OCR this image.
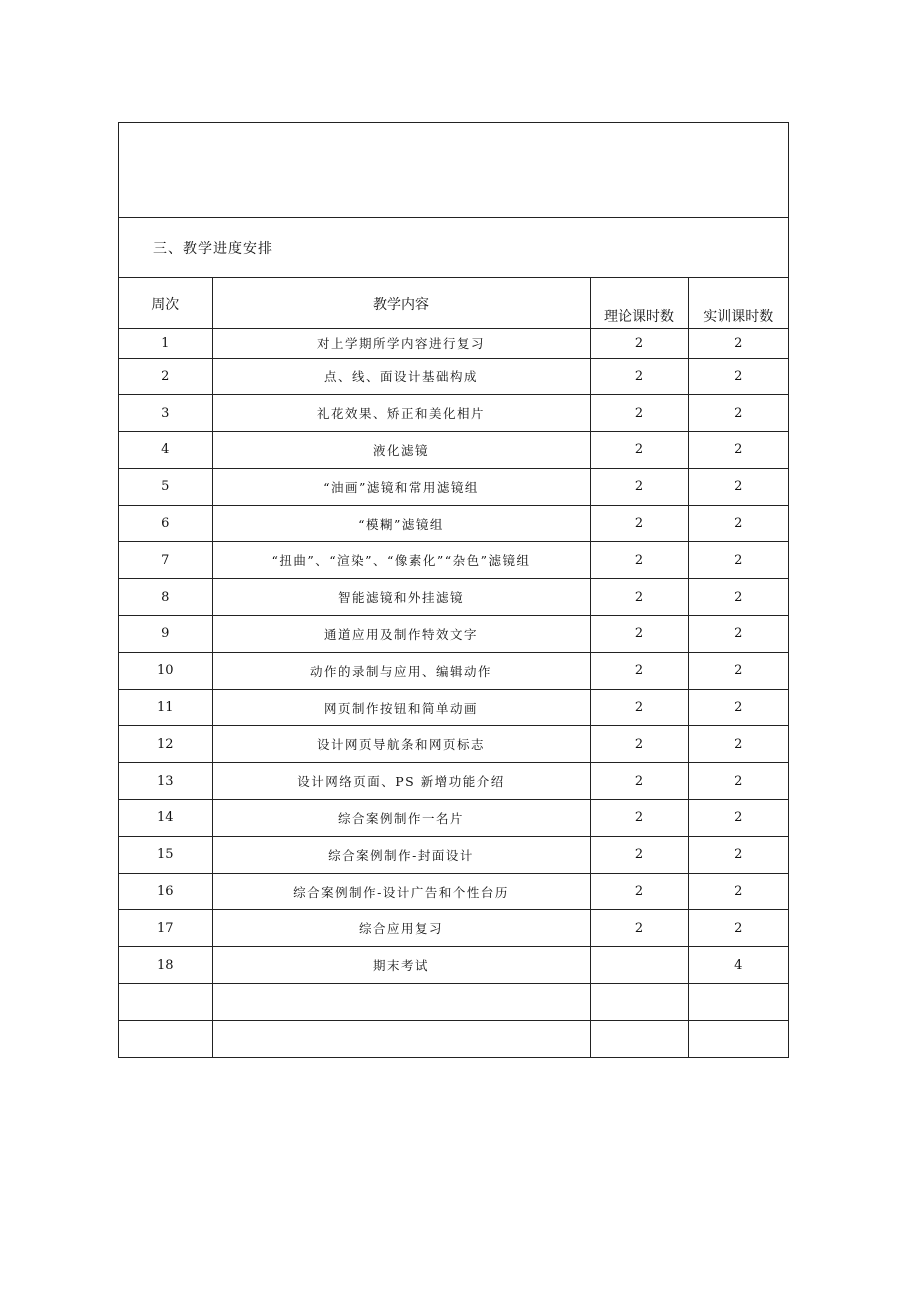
三、教学进度安排
周次	教学内容	理论课时数	实训课时数
1	对上学期所学内容进行复习	2	2
2	点、线、面设计基础构成	2	2
3	礼花效果、矫正和美化相片	2	2
4	液化滤镜	2	2
5	“油画”滤镜和常用滤镜组	2	2
6	“模糊”滤镜组	2	2
7	“扭曲”、“渲染”、“像素化”“杂色”滤镜组	2	2
8	智能滤镜和外挂滤镜	2	2
9	通道应用及制作特效文字	2	2
10	动作的录制与应用、编辑动作	2	2
11	网页制作按钮和简单动画	2	2
12	设计网页导航条和网页标志	2	2
13	设计网络页面、PS 新增功能介绍	2	2
14	综合案例制作一名片	2	2
15	综合案例制作-封面设计	2	2
16	综合案例制作-设计广告和个性台历	2	2
17	综合应用复习	2	2
18	期末考试		4
